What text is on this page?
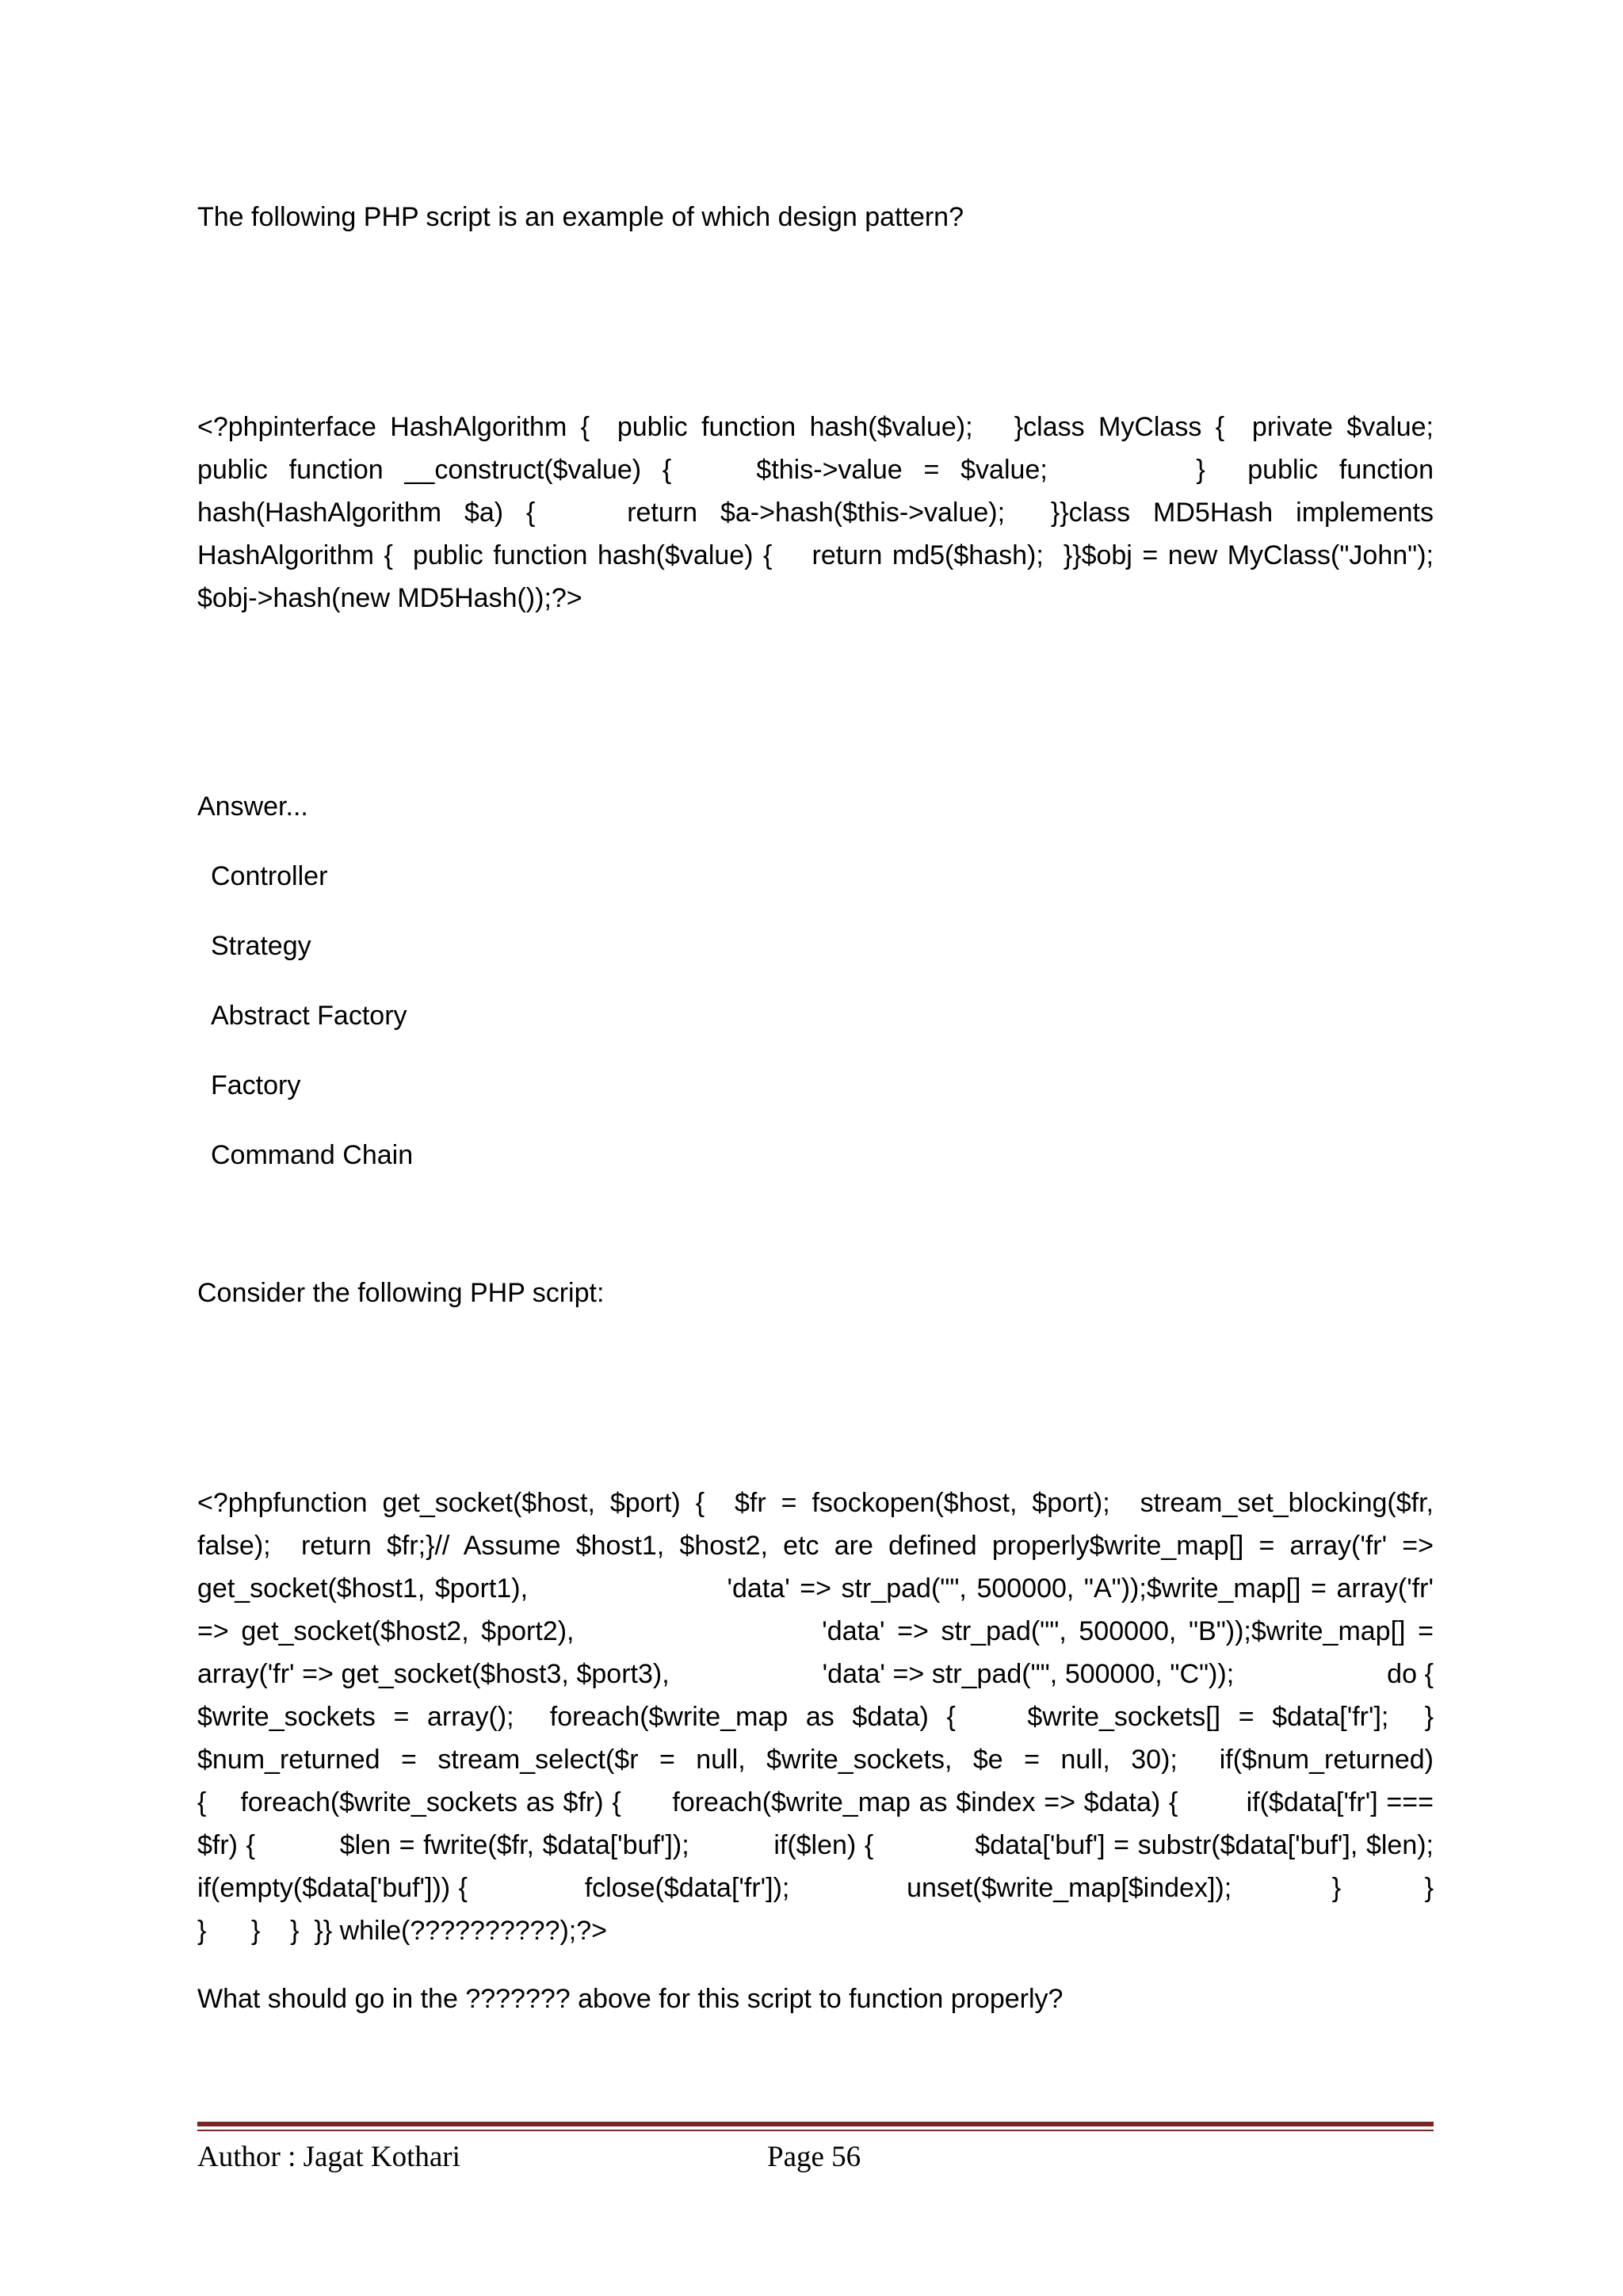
The following PHP script is an example of which design pattern?
<?phpinterface HashAlgorithm {  public function hash($value);   }class MyClass {  private $value;
public function __construct($value) {    $this->value = $value;       }  public function
hash(HashAlgorithm $a) {    return $a->hash($this->value);  }}class MD5Hash implements
HashAlgorithm {  public function hash($value) {    return md5($hash);  }}$obj = new MyClass("John");
$obj->hash(new MD5Hash());?>
Answer...
Controller
Strategy
Abstract Factory
Factory
Command Chain
Consider the following PHP script:
<?phpfunction get_socket($host, $port) {  $fr = fsockopen($host, $port);  stream_set_blocking($fr,
false);  return $fr;}// Assume $host1, $host2, etc are defined properly$write_map[] = array('fr' =>
get_socket($host1, $port1),                    'data' => str_pad("", 500000, "A"));$write_map[] = array('fr'
=> get_socket($host2, $port2),                    'data' => str_pad("", 500000, "B"));$write_map[] =
array('fr' => get_socket($host3, $port3),                    'data' => str_pad("", 500000, "C"));                    do {
$write_sockets = array();  foreach($write_map as $data) {    $write_sockets[] = $data['fr'];  }
$num_returned = stream_select($r = null, $write_sockets, $e = null, 30);  if($num_returned)
{    foreach($write_sockets as $fr) {      foreach($write_map as $index => $data) {        if($data['fr'] ===
$fr) {          $len = fwrite($fr, $data['buf']);          if($len) {            $data['buf'] = substr($data['buf'], $len);
if(empty($data['buf'])) {              fclose($data['fr']);              unset($write_map[$index]);            }          }
}      }    }  }} while(??????????);?>
What should go in the ??????? above for this script to function properly?
Author : Jagat Kothari	Page 56
